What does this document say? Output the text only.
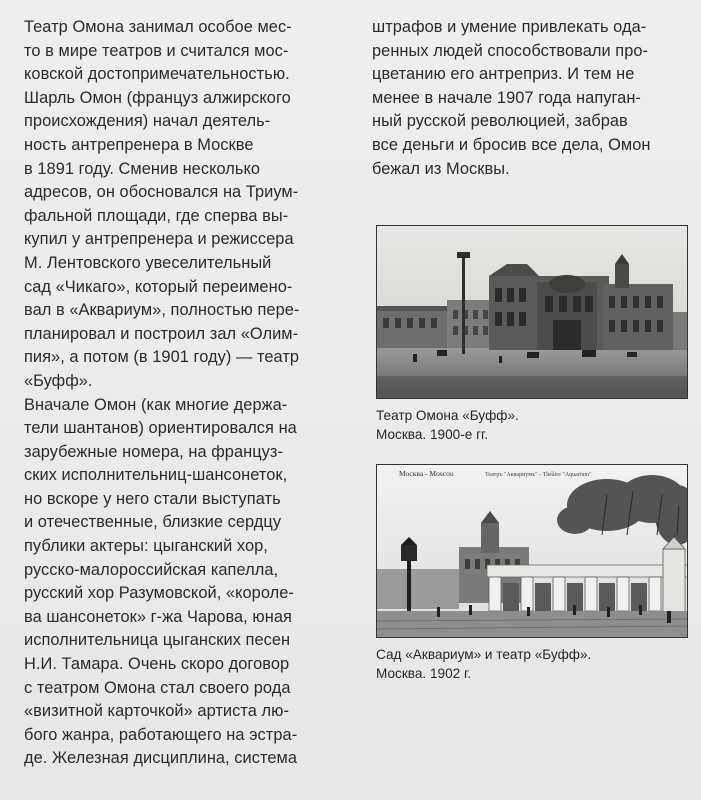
Театр Омона занимал особое мес-
то в мире театров и считался мос-
ковской достопримечательностью.
Шарль Омон (француз алжирского
происхождения) начал деятель-
ность антрепренера в Москве
в 1891 году. Сменив несколько
адресов, он обосновался на Триум-
фальной площади, где сперва вы-
купил у антрепренера и режиссера
М. Лентовского увеселительный
сад «Чикаго», который переимено-
вал в «Аквариум», полностью пере-
планировал и построил зал «Олим-
пия», а потом (в 1901 году) — театр
«Буфф».
Вначале Омон (как многие держа-
тели шантанов) ориентировался на
зарубежные номера, на францyз-
ских исполнительниц-шансонеток,
но вскоре у него стали выступать
и отечественные, близкие сердцу
публики актеры: цыганский хор,
русско-малороссийская капелла,
русский хор Разумовской, «короле-
ва шансонеток» г-жа Чарова, юная
исполнительница цыганских песен
Н.И. Тамара. Очень скоро договор
с театром Омона стал своего рода
«визитной карточкой» артиста лю-
бого жанра, работающего на эстра-
де. Железная дисциплина, система
штрафов и умение привлекать ода-
ренных людей способствовали про-
цветанию его антреприз. И тем не
менее в начале 1907 года напуган-
ный русской революцией, забрав
все деньги и бросив все дела, Омон
бежал из Москвы.
Театр Омона «Буфф».
Москва. 1900-е гг.
Москва - Moscou	Театръ "Аквариумъ" - Théâtre "Aquarium"
Сад «Аквариум» и театр «Буфф».
Москва. 1902 г.
